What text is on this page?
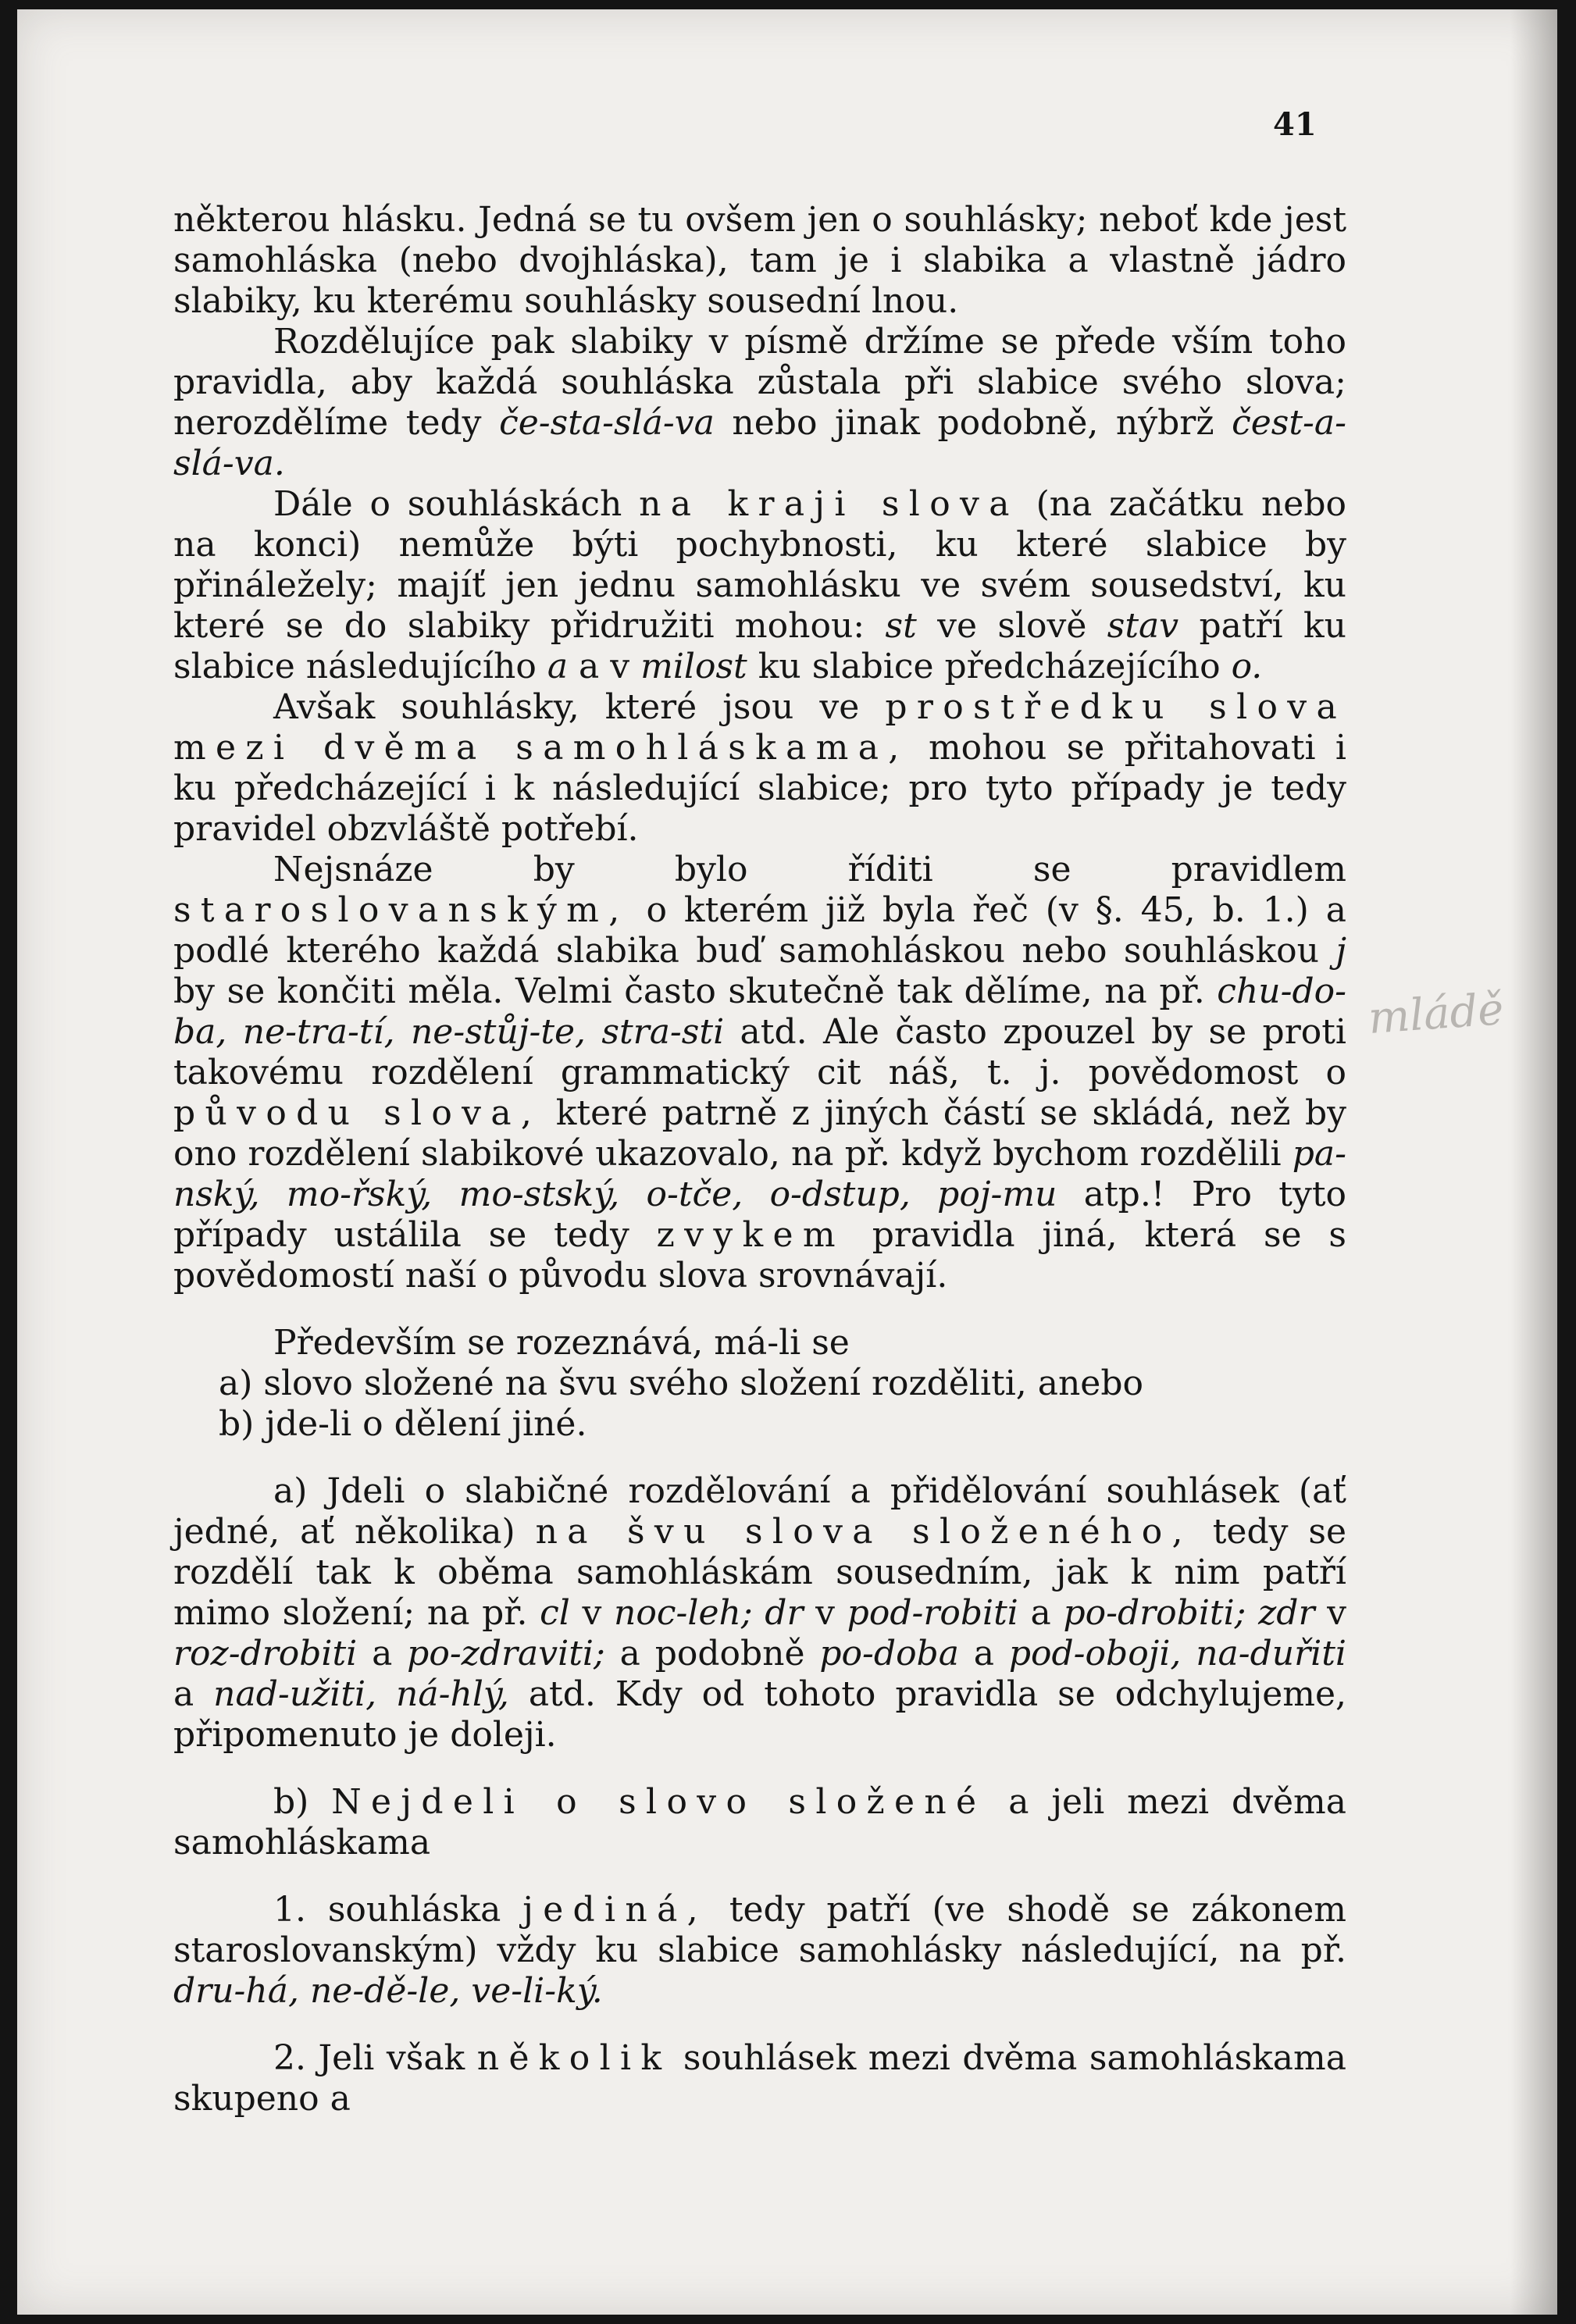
41
mládě

některou hlásku. Jedná se tu ovšem jen o souhlásky; neboť kde jest samohláska (nebo dvojhláska), tam je i slabika a vlastně jádro slabiky, ku kterému souhlásky sousední lnou.

Rozdělujíce pak slabiky v písmě držíme se přede vším toho pravidla, aby každá souhláska zůstala při slabice svého slova; nerozdělíme tedy če-sta-slá-va nebo jinak podobně, nýbrž čest-a-slá-va.

Dále o souhláskách na kraji slova (na začátku nebo na konci) nemůže býti pochybnosti, ku které slabice by přináležely; majíť jen jednu samohlásku ve svém sousedství, ku které se do slabiky přidružiti mohou: st ve slově stav patří ku slabice následujícího a a v milost ku slabice předcházejícího o.

Avšak souhlásky, které jsou ve prostředku slova mezi dvěma samohláskama, mohou se přitahovati i ku předcházející i k následující slabice; pro tyto případy je tedy pravidel obzvláště potřebí.

Nejsnáze by bylo říditi se pravidlem staroslovanským, o kterém již byla řeč (v §. 45, b. 1.) a podlé kterého každá slabika buď samohláskou nebo souhláskou j by se končiti měla. Velmi často skutečně tak dělíme, na př. chu-do-ba, ne-tra-tí, ne-stůj-te, stra-sti atd. Ale často zpouzel by se proti takovému rozdělení grammatický cit náš, t. j. povědomost o původu slova, které patrně z jiných částí se skládá, než by ono rozdělení slabikové ukazovalo, na př. když bychom rozdělili pa-nský, mo-řský, mo-stský, o-tče, o-dstup, poj-mu atp.! Pro tyto případy ustálila se tedy zvykem pravidla jiná, která se s povědomostí naší o původu slova srovnávají.

Především se rozeznává, má-li se

a) slovo složené na švu svého složení rozděliti, anebo

b) jde-li o dělení jiné.

a) Jdeli o slabičné rozdělování a přidělování souhlásek (ať jedné, ať několika) na švu slova složeného, tedy se rozdělí tak k oběma samohláskám sousedním, jak k nim patří mimo složení; na př. cl v noc-leh; dr v pod-robiti a po-drobiti; zdr v roz-drobiti a po-zdraviti; a podobně po-doba a pod-oboji, na-duřiti a nad-užiti, ná-hlý, atd. Kdy od tohoto pravidla se odchylujeme, připomenuto je doleji.

b) Nejdeli o slovo složené a jeli mezi dvěma samohláskama

1. souhláska jediná, tedy patří (ve shodě se zákonem staroslovanským) vždy ku slabice samohlásky následující, na př. dru-há, ne-dě-le, ve-li-ký.

2. Jeli však několik souhlásek mezi dvěma samohláskama skupeno a
